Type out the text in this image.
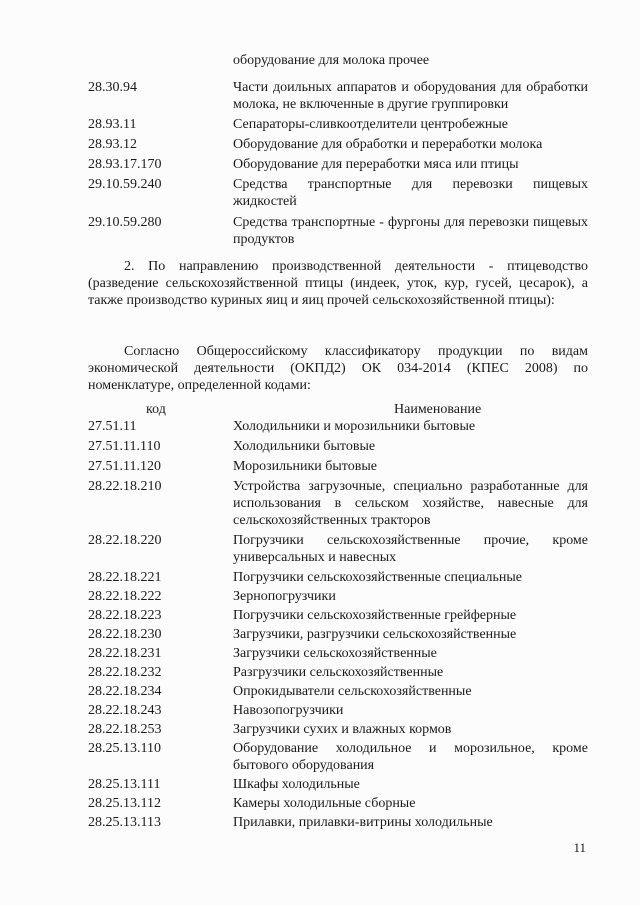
оборудование для молока прочее
28.30.94	Части доильных аппаратов и оборудования для обработки молока, не включенные в другие группировки
28.93.11	Сепараторы-сливкоотделители центробежные
28.93.12	Оборудование для обработки и переработки молока
28.93.17.170	Оборудование для переработки мяса или птицы
29.10.59.240	Средства транспортные для перевозки пищевых жидкостей
29.10.59.280	Средства транспортные - фургоны для перевозки пищевых продуктов

2. По направлению производственной деятельности - птицеводство (разведение сельскохозяйственной птицы (индеек, уток, кур, гусей, цесарок), а также производство куриных яиц и яиц прочей сельскохозяйственной птицы):

Согласно Общероссийскому классификатору продукции по видам экономической деятельности (ОКПД2) ОК 034-2014 (КПЕС 2008) по номенклатуре, определенной кодами:

код	Наименование
27.51.11	Холодильники и морозильники бытовые
27.51.11.110	Холодильники бытовые
27.51.11.120	Морозильники бытовые
28.22.18.210	Устройства загрузочные, специально разработанные для использования в сельском хозяйстве, навесные для сельскохозяйственных тракторов
28.22.18.220	Погрузчики сельскохозяйственные прочие, кроме универсальных и навесных
28.22.18.221	Погрузчики сельскохозяйственные специальные
28.22.18.222	Зернопогрузчики
28.22.18.223	Погрузчики сельскохозяйственные грейферные
28.22.18.230	Загрузчики, разгрузчики сельскохозяйственные
28.22.18.231	Загрузчики сельскохозяйственные
28.22.18.232	Разгрузчики сельскохозяйственные
28.22.18.234	Опрокидыватели сельскохозяйственные
28.22.18.243	Навозопогрузчики
28.22.18.253	Загрузчики сухих и влажных кормов
28.25.13.110	Оборудование холодильное и морозильное, кроме бытового оборудования
28.25.13.111	Шкафы холодильные
28.25.13.112	Камеры холодильные сборные
28.25.13.113	Прилавки, прилавки-витрины холодильные
11
